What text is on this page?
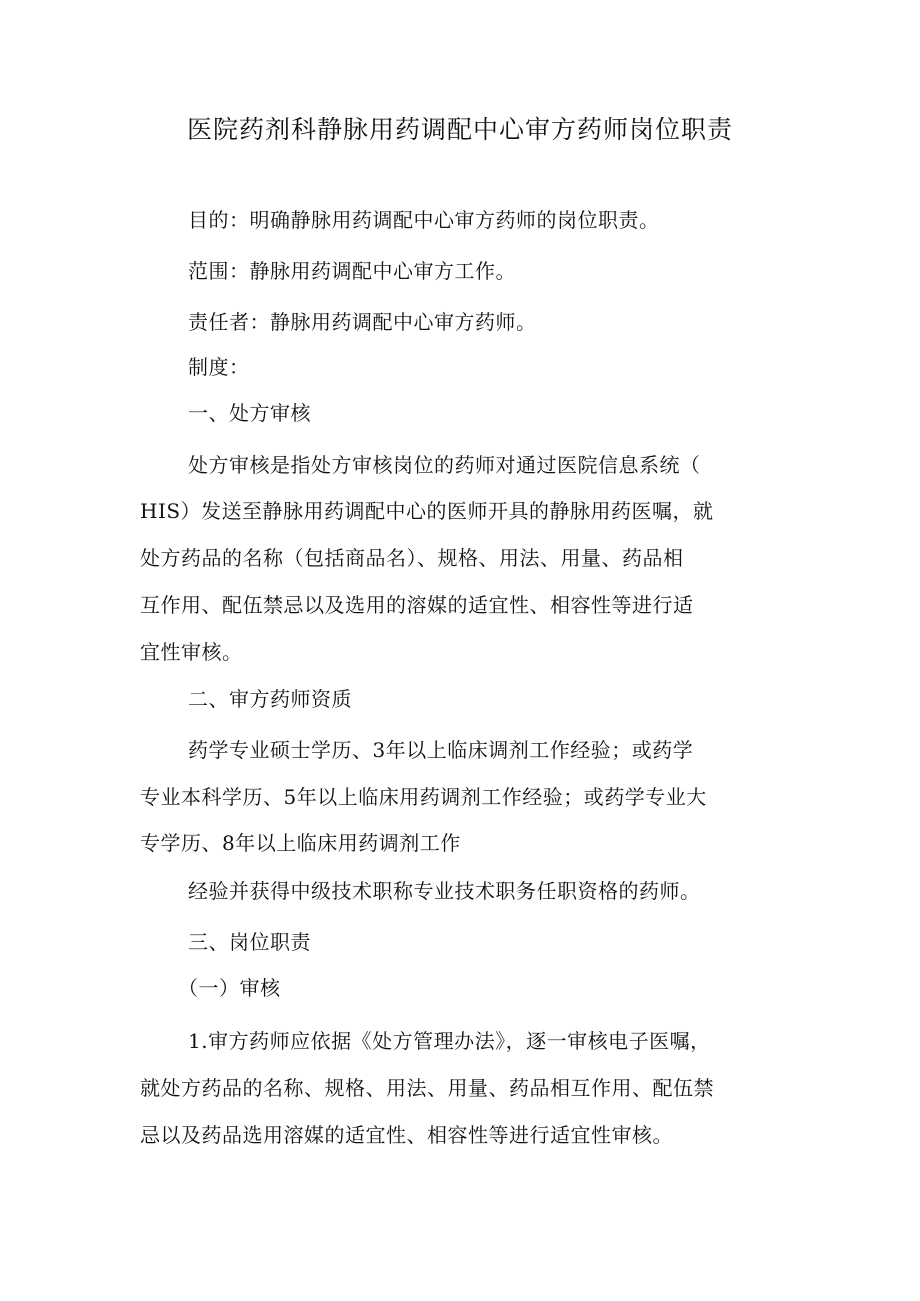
医院药剂科静脉用药调配中心审方药师岗位职责
目的：明确静脉用药调配中心审方药师的岗位职责。
范围：静脉用药调配中心审方工作。
责任者：静脉用药调配中心审方药师。
制度：
一、处方审核
处方审核是指处方审核岗位的药师对通过医院信息系统（
HIS）发送至静脉用药调配中心的医师开具的静脉用药医嘱，就
处方药品的名称（包括商品名）、规格、用法、用量、药品相
互作用、配伍禁忌以及选用的溶媒的适宜性、相容性等进行适
宜性审核。
二、审方药师资质
药学专业硕士学历、3年以上临床调剂工作经验；或药学
专业本科学历、5年以上临床用药调剂工作经验；或药学专业大
专学历、8年以上临床用药调剂工作
经验并获得中级技术职称专业技术职务任职资格的药师。
三、岗位职责
（一）审核
1.审方药师应依据《处方管理办法》，逐一审核电子医嘱，
就处方药品的名称、规格、用法、用量、药品相互作用、配伍禁
忌以及药品选用溶媒的适宜性、相容性等进行适宜性审核。
